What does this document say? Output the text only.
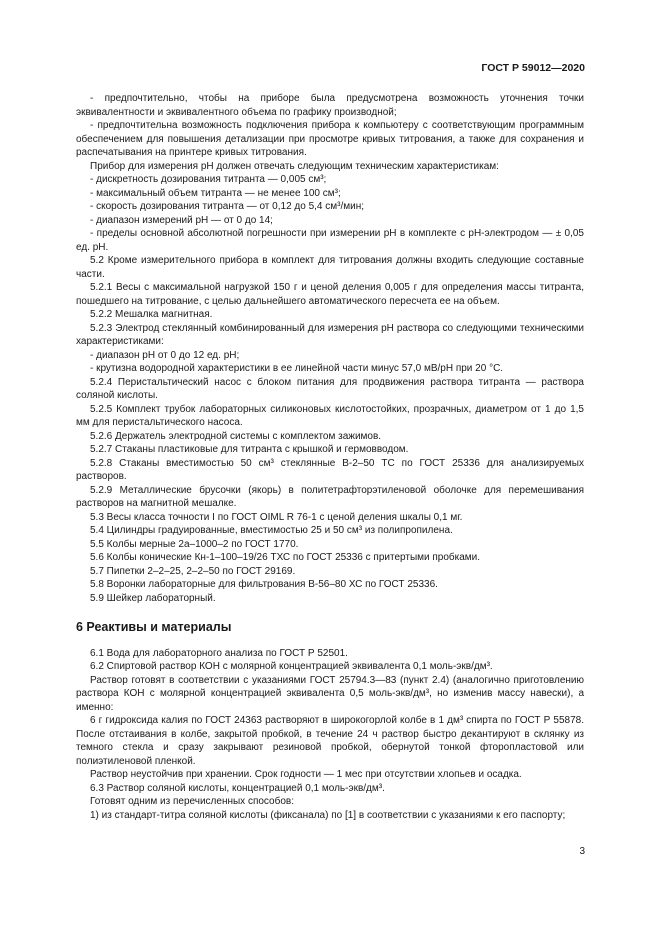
ГОСТ Р 59012—2020

- предпочтительно, чтобы на приборе была предусмотрена возможность уточнения точки эквивалентности и эквивалентного объема по графику производной;

- предпочтительна возможность подключения прибора к компьютеру с соответствующим программным обеспечением для повышения детализации при просмотре кривых титрования, а также для сохранения и распечатывания на принтере кривых титрования.

Прибор для измерения рН должен отвечать следующим техническим характеристикам:

- дискретность дозирования титранта — 0,005 см³;

- максимальный объем титранта — не менее 100 см³;

- скорость дозирования титранта — от 0,12 до 5,4 см³/мин;

- диапазон измерений рН — от 0 до 14;

- пределы основной абсолютной погрешности при измерении рН в комплекте с рН-электродом — ± 0,05 ед. рН.

5.2 Кроме измерительного прибора в комплект для титрования должны входить следующие составные части.

5.2.1 Весы с максимальной нагрузкой 150 г и ценой деления 0,005 г для определения массы титранта, пошедшего на титрование, с целью дальнейшего автоматического пересчета ее на объем.

5.2.2 Мешалка магнитная.

5.2.3 Электрод стеклянный комбинированный для измерения рН раствора со следующими техническими характеристиками:

- диапазон рН от 0 до 12 ед. рН;

- крутизна водородной характеристики в ее линейной части минус 57,0 мВ/рН при 20 °С.

5.2.4 Перистальтический насос с блоком питания для продвижения раствора титранта — раствора соляной кислоты.

5.2.5 Комплект трубок лабораторных силиконовых кислотостойких, прозрачных, диаметром от 1 до 1,5 мм для перистальтического насоса.

5.2.6 Держатель электродной системы с комплектом зажимов.

5.2.7 Стаканы пластиковые для титранта с крышкой и гермовводом.

5.2.8 Стаканы вместимостью 50 см³ стеклянные В-2–50 ТС по ГОСТ 25336 для анализируемых растворов.

5.2.9 Металлические брусочки (якорь) в политетрафторэтиленовой оболочке для перемешивания растворов на магнитной мешалке.

5.3 Весы класса точности I по ГОСТ OIML R 76-1 с ценой деления шкалы 0,1 мг.

5.4 Цилиндры градуированные, вместимостью 25 и 50 см³ из полипропилена.

5.5 Колбы мерные 2а–1000–2 по ГОСТ 1770.

5.6 Колбы конические Кн-1–100–19/26 ТХС по ГОСТ 25336 с притертыми пробками.

5.7 Пипетки 2–2–25, 2–2–50 по ГОСТ 29169.

5.8 Воронки лабораторные для фильтрования В-56–80 ХС по ГОСТ 25336.

5.9 Шейкер лабораторный.

6 Реактивы и материалы

6.1 Вода для лабораторного анализа по ГОСТ Р 52501.

6.2 Спиртовой раствор КОН с молярной концентрацией эквивалента 0,1 моль-экв/дм³.

Раствор готовят в соответствии с указаниями ГОСТ 25794.3—83 (пункт 2.4) (аналогично приготовлению раствора КОН с молярной концентрацией эквивалента 0,5 моль-экв/дм³, но изменив массу навески), а именно:

6 г гидроксида калия по ГОСТ 24363 растворяют в широкогорлой колбе в 1 дм³ спирта по ГОСТ Р 55878. После отстаивания в колбе, закрытой пробкой, в течение 24 ч раствор быстро декантируют в склянку из темного стекла и сразу закрывают резиновой пробкой, обернутой тонкой фторопластовой или полиэтиленовой пленкой.

Раствор неустойчив при хранении. Срок годности — 1 мес при отсутствии хлопьев и осадка.

6.3 Раствор соляной кислоты, концентрацией 0,1 моль-экв/дм³.

Готовят одним из перечисленных способов:

1) из стандарт-титра соляной кислоты (фиксанала) по [1] в соответствии с указаниями к его паспорту;

3
